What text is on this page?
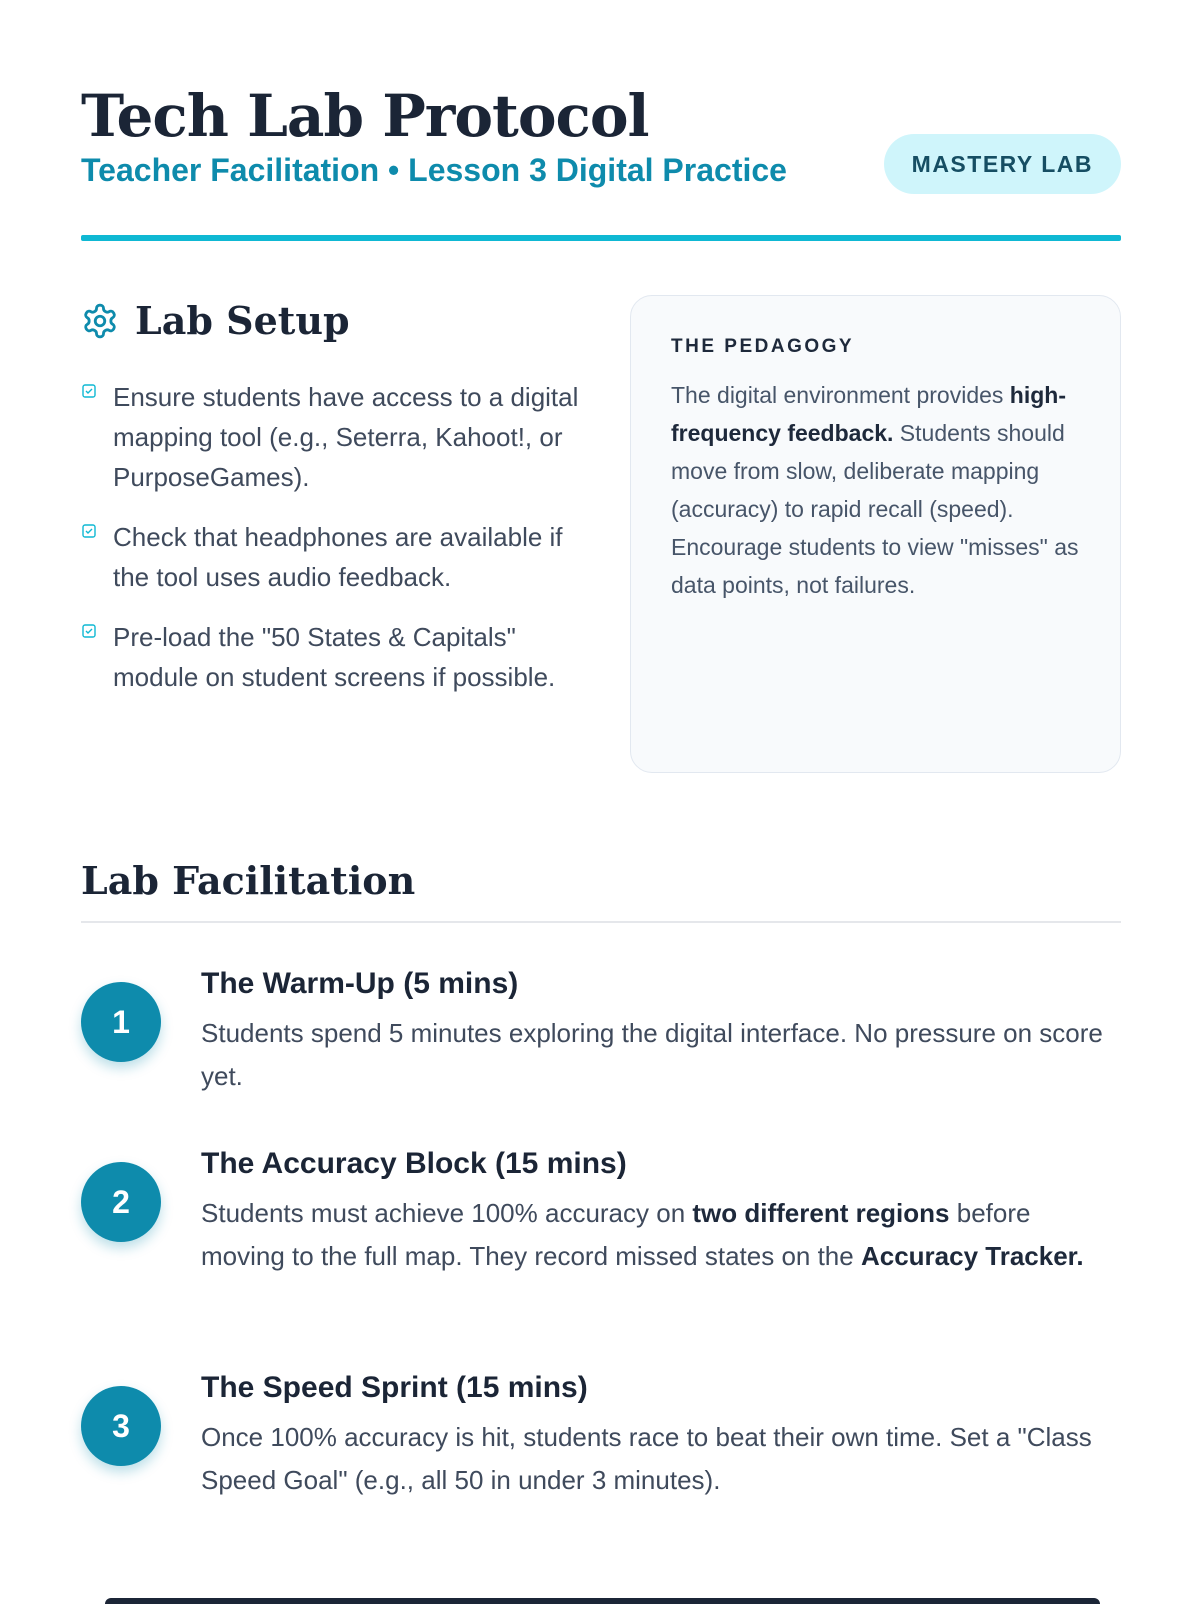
Tech Lab Protocol
Teacher Facilitation • Lesson 3 Digital Practice	MASTERY LAB
Lab Setup
Ensure students have access to a digital mapping tool (e.g., Seterra, Kahoot!, or PurposeGames).
Check that headphones are available if the tool uses audio feedback.
Pre-load the "50 States & Capitals" module on student screens if possible.
THE PEDAGOGY
The digital environment provides high-frequency feedback. Students should move from slow, deliberate mapping (accuracy) to rapid recall (speed). Encourage students to view "misses" as data points, not failures.
Lab Facilitation
1
The Warm-Up (5 mins)
Students spend 5 minutes exploring the digital interface. No pressure on score yet.
2
The Accuracy Block (15 mins)
Students must achieve 100% accuracy on two different regions before moving to the full map. They record missed states on the Accuracy Tracker.
3
The Speed Sprint (15 mins)
Once 100% accuracy is hit, students race to beat their own time. Set a "Class Speed Goal" (e.g., all 50 in under 3 minutes).
